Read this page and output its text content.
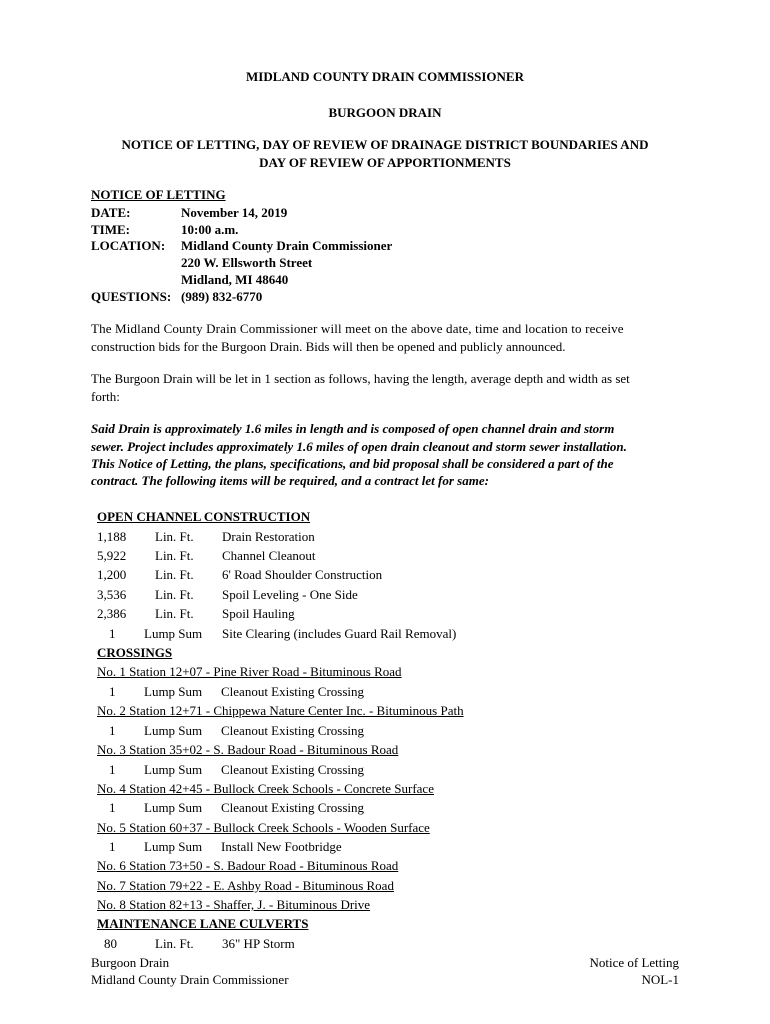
MIDLAND COUNTY DRAIN COMMISSIONER
BURGOON DRAIN
NOTICE OF LETTING, DAY OF REVIEW OF DRAINAGE DISTRICT BOUNDARIES AND
DAY OF REVIEW OF APPORTIONMENTS
NOTICE OF LETTING
DATE:	November 14, 2019
TIME:	10:00 a.m.
LOCATION: Midland County Drain Commissioner
220 W. Ellsworth Street
Midland, MI 48640
QUESTIONS: (989) 832-6770
The Midland County Drain Commissioner will meet on the above date, time and location to receive
construction bids for the Burgoon Drain. Bids will then be opened and publicly announced.
The Burgoon Drain will be let in 1 section as follows, having the length, average depth and width as set
forth:
Said Drain is approximately 1.6 miles in length and is composed of open channel drain and storm
sewer. Project includes approximately 1.6 miles of open drain cleanout and storm sewer installation.
This Notice of Letting, the plans, specifications, and bid proposal shall be considered a part of the
contract. The following items will be required, and a contract let for same:
OPEN CHANNEL CONSTRUCTION
1,188 Lin. Ft. Drain Restoration
5,922 Lin. Ft. Channel Cleanout
1,200 Lin. Ft. 6' Road Shoulder Construction
3,536 Lin. Ft. Spoil Leveling - One Side
2,386 Lin. Ft. Spoil Hauling
1 Lump Sum Site Clearing (includes Guard Rail Removal)
CROSSINGS
No. 1 Station 12+07 - Pine River Road - Bituminous Road
1 Lump Sum Cleanout Existing Crossing
No. 2 Station 12+71 - Chippewa Nature Center Inc. - Bituminous Path
1 Lump Sum Cleanout Existing Crossing
No. 3 Station 35+02 - S. Badour Road - Bituminous Road
1 Lump Sum Cleanout Existing Crossing
No. 4 Station 42+45 - Bullock Creek Schools - Concrete Surface
1 Lump Sum Cleanout Existing Crossing
No. 5 Station 60+37 - Bullock Creek Schools - Wooden Surface
1 Lump Sum Install New Footbridge
No. 6 Station 73+50 - S. Badour Road - Bituminous Road
No. 7 Station 79+22 - E. Ashby Road - Bituminous Road
No. 8 Station 82+13 - Shaffer, J. - Bituminous Drive
MAINTENANCE LANE CULVERTS
80	Lin. Ft. 36" HP Storm
Burgoon Drain
Midland County Drain Commissioner
Notice of Letting
NOL-1
